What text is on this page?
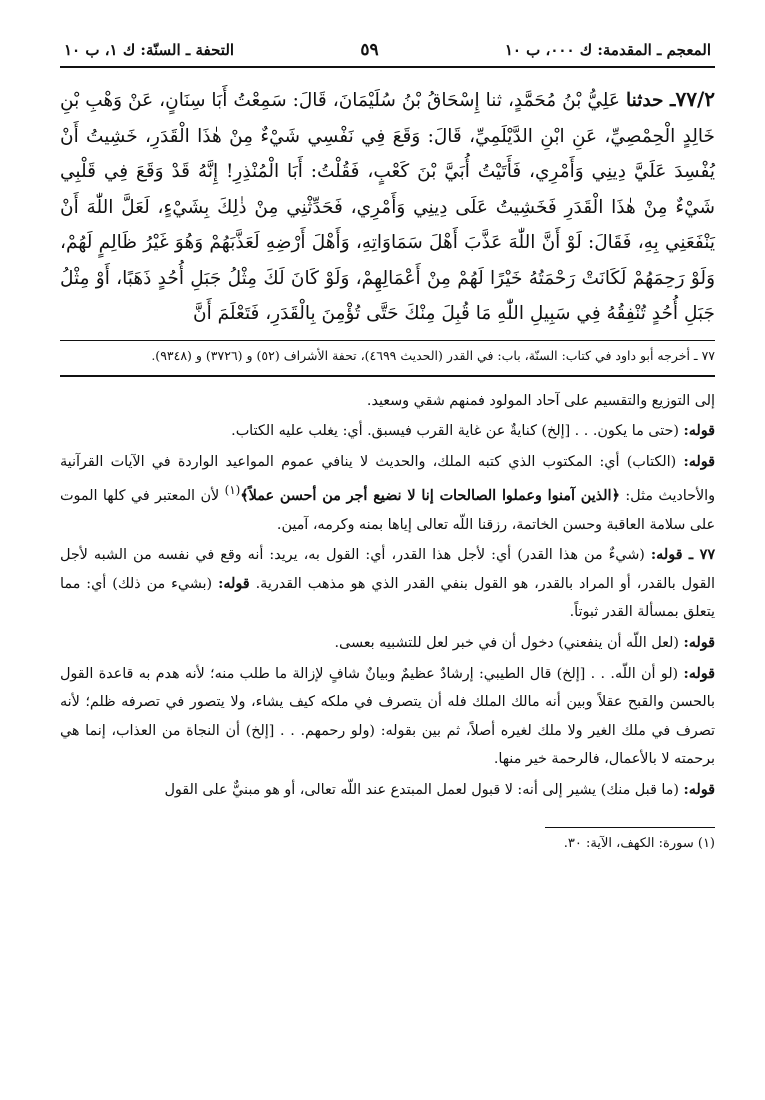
المعجم ـ المقدمة: ك ٠٠٠، ب ١٠
٥٩
التحفة ـ السنّة: ك ١، ب ١٠
٧٧/٢ـ حدثنا عَلِيُّ بْنُ مُحَمَّدٍ، ثنا إِسْحَاقُ بْنُ سُلَيْمَانَ، قَالَ: سَمِعْتُ أَبَا سِنَانٍ، عَنْ وَهْبِ بْنِ خَالِدٍ الْحِمْصِيِّ، عَنِ ابْنِ الدَّيْلَمِيِّ، قَالَ: وَقَعَ فِي نَفْسِي شَيْءٌ مِنْ هٰذَا الْقَدَرِ، خَشِيتُ أَنْ يُفْسِدَ عَلَيَّ دِينِي وَأَمْرِي، فَأَتَيْتُ أُبَيَّ بْنَ كَعْبٍ، فَقُلْتُ: أَبَا الْمُنْذِرِ! إِنَّهُ قَدْ وَقَعَ فِي قَلْبِي شَيْءٌ مِنْ هٰذَا الْقَدَرِ فَخَشِيتُ عَلَى دِينِي وَأَمْرِي، فَحَدِّثْنِي مِنْ ذٰلِكَ بِشَيْءٍ، لَعَلَّ اللّٰهَ أَنْ يَنْفَعَنِي بِهِ، فَقَالَ: لَوْ أَنَّ اللّٰهَ عَذَّبَ أَهْلَ سَمَاوَاتِهِ، وَأَهْلَ أَرْضِهِ لَعَذَّبَهُمْ وَهُوَ غَيْرُ ظَالِمٍ لَهُمْ، وَلَوْ رَحِمَهُمْ لَكَانَتْ رَحْمَتُهُ خَيْرًا لَهُمْ مِنْ أَعْمَالِهِمْ، وَلَوْ كَانَ لَكَ مِثْلُ جَبَلِ أُحُدٍ ذَهَبًا، أَوْ مِثْلُ جَبَلِ أُحُدٍ تُنْفِقُهُ فِي سَبِيلِ اللّٰهِ مَا قُبِلَ مِنْكَ حَتَّى تُؤْمِنَ بِالْقَدَرِ، فَتَعْلَمَ أَنَّ
٧٧ ـ أخرجه أبو داود في كتاب: السنّة، باب: في القدر (الحديث ٤٦٩٩)، تحفة الأشراف (٥٢) و (٣٧٢٦) و (٩٣٤٨).

إلى التوزيع والتقسيم على آحاد المولود فمنهم شقي وسعيد.

قوله: (حتى ما يكون. . . [إلخ) كنايةٌ عن غاية القرب فيسبق. أي: يغلب عليه الكتاب.

قوله: (الكتاب) أي: المكتوب الذي كتبه الملك، والحديث لا ينافي عموم المواعيد الواردة في الآيات القرآنية والأحاديث مثل: ﴿الذين آمنوا وعملوا الصالحات إنا لا نضيع أجر من أحسن عملاً﴾$^{(١)}$ لأن المعتبر في كلها الموت على سلامة العاقبة وحسن الخاتمة، رزقنا اللّه تعالى إياها بمنه وكرمه، آمين.

٧٧ ـ قوله: (شيءٌ من هذا القدر) أي: لأجل هذا القدر، أي: القول به، يريد: أنه وقع في نفسه من الشبه لأجل القول بالقدر، أو المراد بالقدر، هو القول بنفي القدر الذي هو مذهب القدرية. قوله: (بشيء من ذلك) أي: مما يتعلق بمسألة القدر ثبوتاً.

قوله: (لعل اللّه أن ينفعني) دخول أن في خبر لعل للتشبيه بعسى.

قوله: (لو أن اللّه. . . [إلخ) قال الطيبي: إرشادٌ عظيمٌ وبيانٌ شافٍ لإزالة ما طلب منه؛ لأنه هدم به قاعدة القول بالحسن والقبح عقلاً وبين أنه مالك الملك فله أن يتصرف في ملكه كيف يشاء، ولا يتصور في تصرفه ظلم؛ لأنه تصرف في ملك الغير ولا ملك لغيره أصلاً، ثم بين بقوله: (ولو رحمهم. . . [إلخ) أن النجاة من العذاب، إنما هي برحمته لا بالأعمال، فالرحمة خير منها.

قوله: (ما قبل منك) يشير إلى أنه: لا قبول لعمل المبتدع عند اللّه تعالى، أو هو مبنيٌّ على القول

(١) سورة: الكهف، الآية: ٣٠.
